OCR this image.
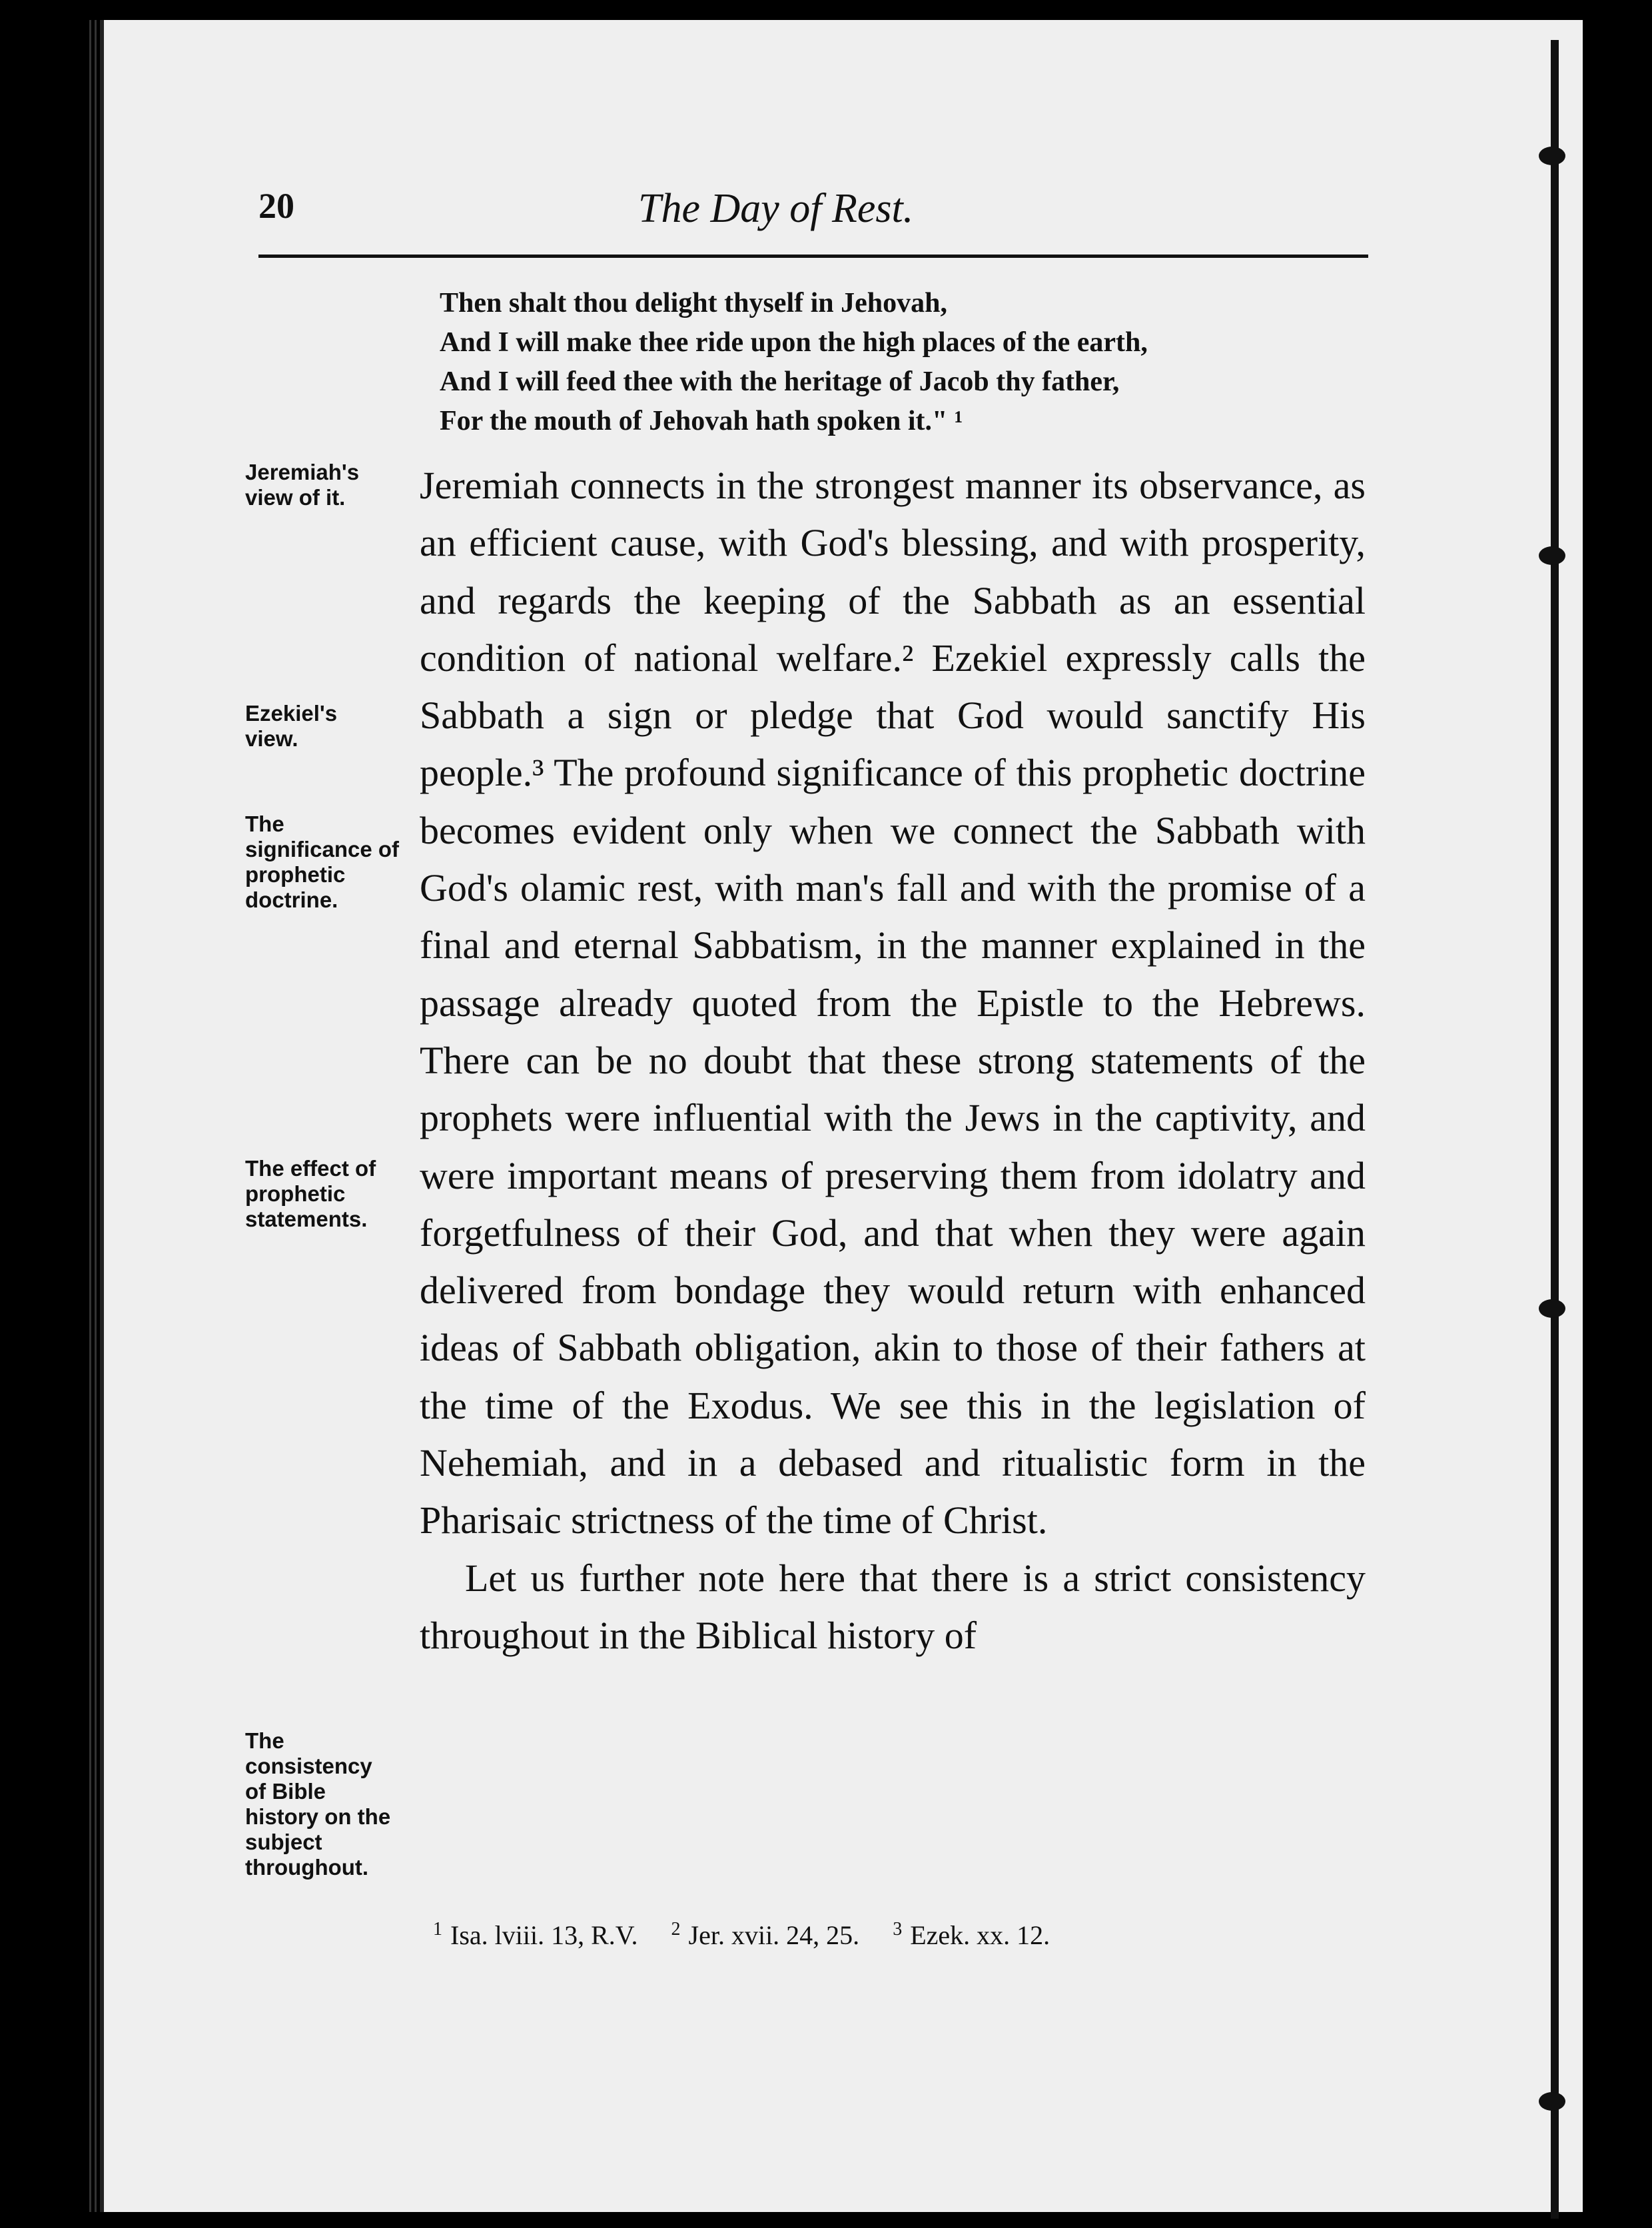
20	The Day of Rest.
Then shalt thou delight thyself in Jehovah,
And I will make thee ride upon the high places of the earth,
And I will feed thee with the heritage of Jacob thy father,
For the mouth of Jehovah hath spoken it." ¹
Jeremiah's view of it.
Ezekiel's view.
The significance of prophetic doctrine.
The effect of prophetic statements.
The consistency of Bible history on the subject throughout.

Jeremiah connects in the strongest manner its observance, as an efficient cause, with God's blessing, and with prosperity, and regards the keeping of the Sabbath as an essential condition of national welfare.² Ezekiel expressly calls the Sabbath a sign or pledge that God would sanctify His people.³ The profound significance of this prophetic doctrine becomes evident only when we connect the Sabbath with God's olamic rest, with man's fall and with the promise of a final and eternal Sabbatism, in the manner explained in the passage already quoted from the Epistle to the Hebrews. There can be no doubt that these strong statements of the prophets were influential with the Jews in the captivity, and were important means of preserving them from idolatry and forgetfulness of their God, and that when they were again delivered from bondage they would return with enhanced ideas of Sabbath obligation, akin to those of their fathers at the time of the Exodus. We see this in the legislation of Nehemiah, and in a debased and ritualistic form in the Pharisaic strictness of the time of Christ.

Let us further note here that there is a strict consistency throughout in the Biblical history of

$^1$ Isa. lviii. 13, R.V. $^2$ Jer. xvii. 24, 25. $^3$ Ezek. xx. 12.
